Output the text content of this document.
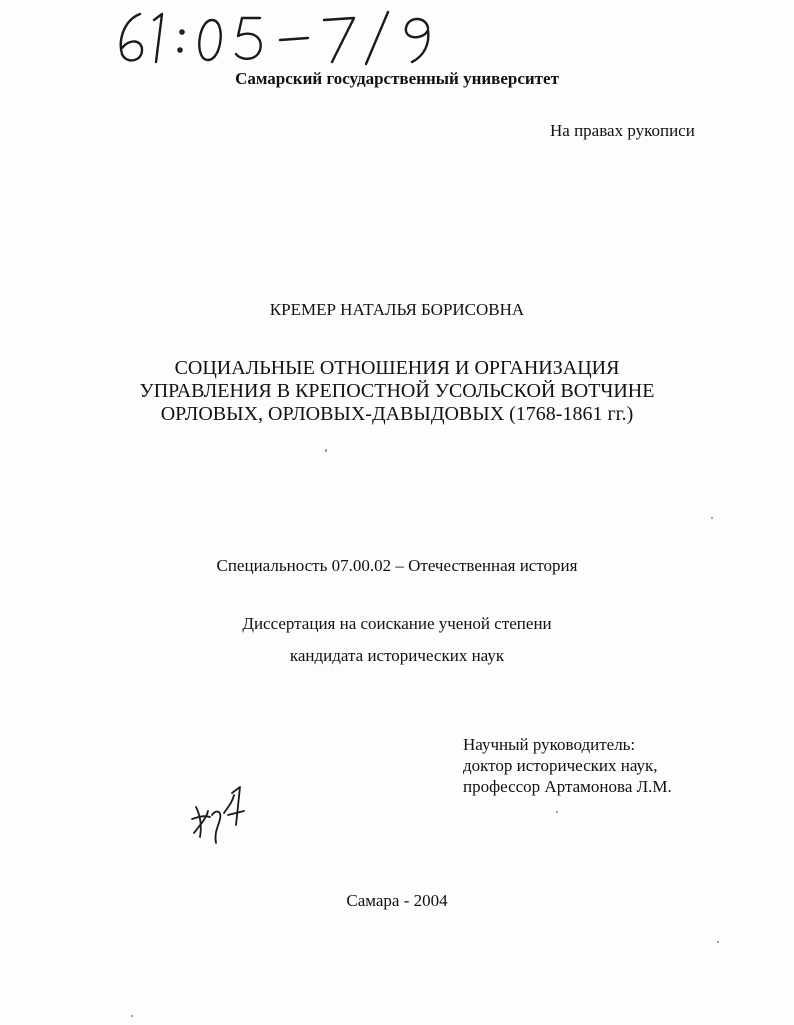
Самарский государственный университет
На правах рукописи
КРЕМЕР НАТАЛЬЯ БОРИСОВНА
СОЦИАЛЬНЫЕ ОТНОШЕНИЯ И ОРГАНИЗАЦИЯ
УПРАВЛЕНИЯ В КРЕПОСТНОЙ УСОЛЬСКОЙ ВОТЧИНЕ
ОРЛОВЫХ, ОРЛОВЫХ-ДАВЫДОВЫХ (1768-1861 гг.)
Специальность 07.00.02 – Отечественная история
Диссертация на соискание ученой степени
кандидата исторических наук
Научный руководитель:
доктор исторических наук,
профессор Артамонова Л.М.
Самара - 2004
